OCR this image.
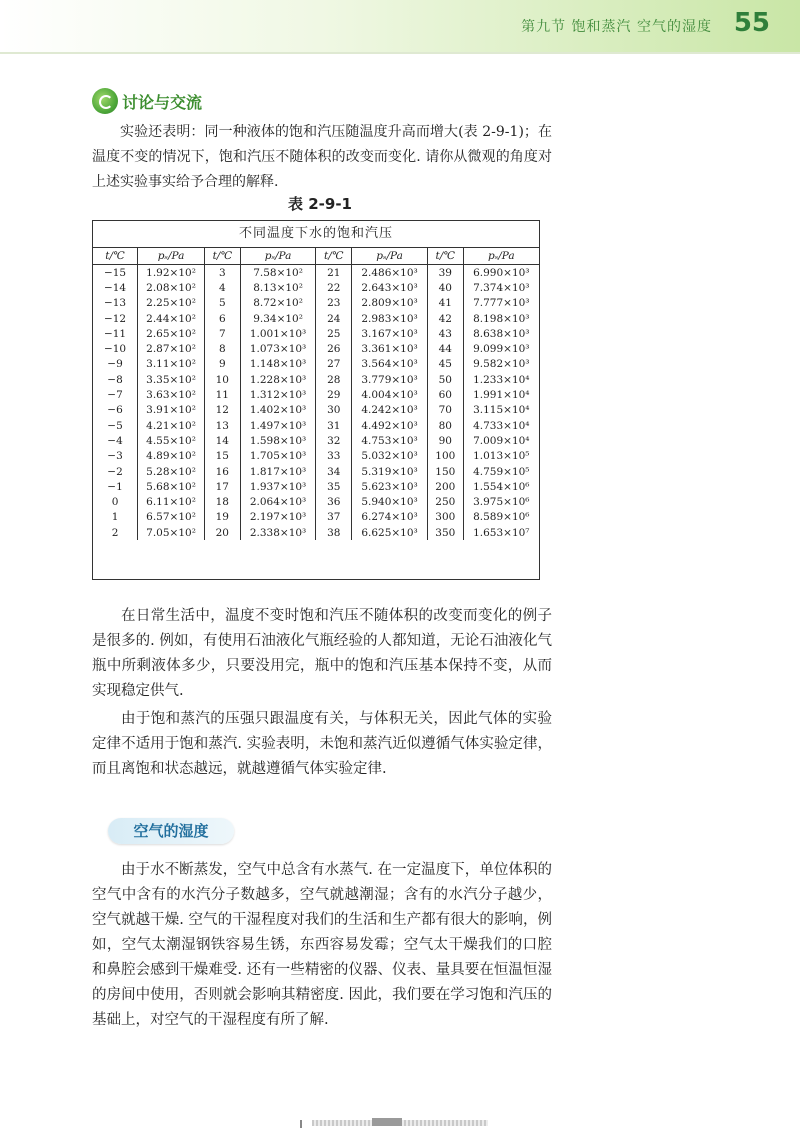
第九节 饱和蒸汽 空气的湿度 55
讨论与交流
实验还表明：同一种液体的饱和汽压随温度升高而增大(表 2-9-1)；在温度不变的情况下，饱和汽压不随体积的改变而变化. 请你从微观的角度对上述实验事实给予合理的解释.
表 2-9-1
不同温度下水的饱和汽压
t/℃	pₛ/Pa	t/℃	pₛ/Pa	t/℃	pₛ/Pa	t/℃	pₛ/Pa
−15	1.92×10²	3	7.58×10²	21	2.486×10³	39	6.990×10³
−14	2.08×10²	4	8.13×10²	22	2.643×10³	40	7.374×10³
−13	2.25×10²	5	8.72×10²	23	2.809×10³	41	7.777×10³
−12	2.44×10²	6	9.34×10²	24	2.983×10³	42	8.198×10³
−11	2.65×10²	7	1.001×10³	25	3.167×10³	43	8.638×10³
−10	2.87×10²	8	1.073×10³	26	3.361×10³	44	9.099×10³
−9	3.11×10²	9	1.148×10³	27	3.564×10³	45	9.582×10³
−8	3.35×10²	10	1.228×10³	28	3.779×10³	50	1.233×10⁴
−7	3.63×10²	11	1.312×10³	29	4.004×10³	60	1.991×10⁴
−6	3.91×10²	12	1.402×10³	30	4.242×10³	70	3.115×10⁴
−5	4.21×10²	13	1.497×10³	31	4.492×10³	80	4.733×10⁴
−4	4.55×10²	14	1.598×10³	32	4.753×10³	90	7.009×10⁴
−3	4.89×10²	15	1.705×10³	33	5.032×10³	100	1.013×10⁵
−2	5.28×10²	16	1.817×10³	34	5.319×10³	150	4.759×10⁵
−1	5.68×10²	17	1.937×10³	35	5.623×10³	200	1.554×10⁶
0	6.11×10²	18	2.064×10³	36	5.940×10³	250	3.975×10⁶
1	6.57×10²	19	2.197×10³	37	6.274×10³	300	8.589×10⁶
2	7.05×10²	20	2.338×10³	38	6.625×10³	350	1.653×10⁷
在日常生活中，温度不变时饱和汽压不随体积的改变而变化的例子是很多的. 例如，有使用石油液化气瓶经验的人都知道，无论石油液化气瓶中所剩液体多少，只要没用完，瓶中的饱和汽压基本保持不变，从而实现稳定供气.
由于饱和蒸汽的压强只跟温度有关，与体积无关，因此气体的实验定律不适用于饱和蒸汽. 实验表明，未饱和蒸汽近似遵循气体实验定律，而且离饱和状态越远，就越遵循气体实验定律.
空气的湿度
由于水不断蒸发，空气中总含有水蒸气. 在一定温度下，单位体积的空气中含有的水汽分子数越多，空气就越潮湿；含有的水汽分子越少，空气就越干燥. 空气的干湿程度对我们的生活和生产都有很大的影响，例如，空气太潮湿钢铁容易生锈，东西容易发霉；空气太干燥我们的口腔和鼻腔会感到干燥难受. 还有一些精密的仪器、仪表、量具要在恒温恒湿的房间中使用，否则就会影响其精密度. 因此，我们要在学习饱和汽压的基础上，对空气的干湿程度有所了解.
